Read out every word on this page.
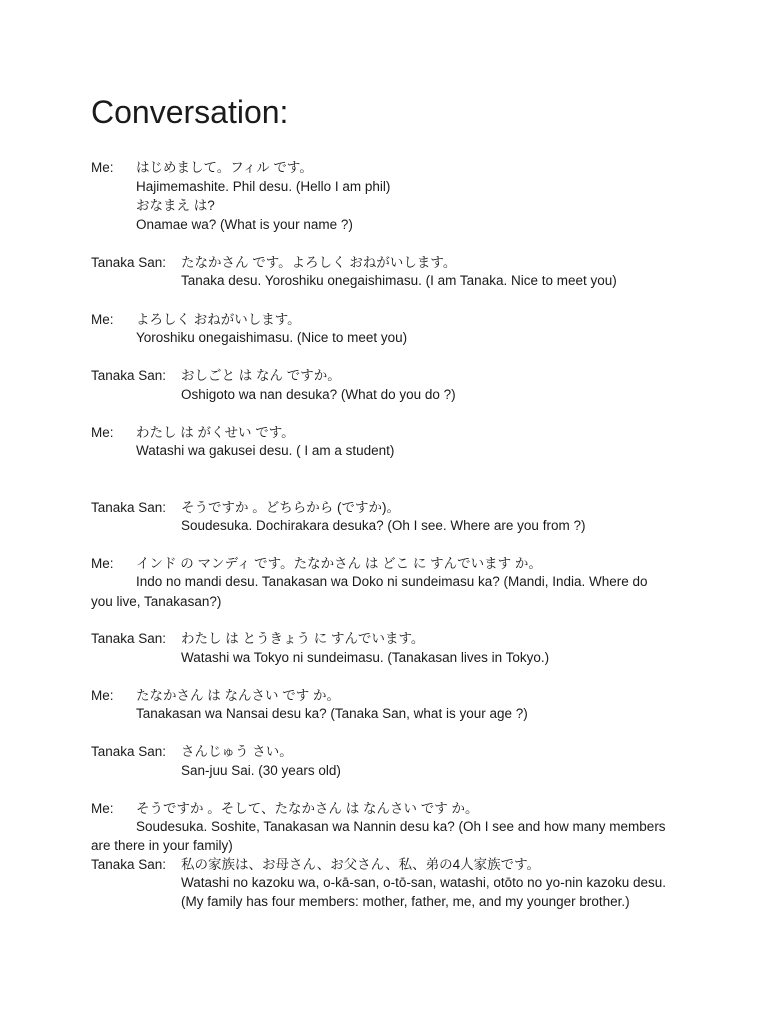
Conversation:
Me: はじめまして。フィル です。
Hajimemashite. Phil desu. (Hello I am phil)
おなまえ は?
Onamae wa? (What is your name ?)
Tanaka San: たなかさん です。よろしく おねがいします。
Tanaka desu. Yoroshiku onegaishimasu. (I am Tanaka. Nice to meet you)
Me: よろしく おねがいします。
Yoroshiku onegaishimasu. (Nice to meet you)
Tanaka San: おしごと は なん ですか。
Oshigoto wa nan desuka? (What do you do ?)
Me: わたし は がくせい です。
Watashi wa gakusei desu. ( I am a student)
Tanaka San: そうですか 。どちらから (ですか)。
Soudesuka. Dochirakara desuka? (Oh I see. Where are you from ?)
Me: インド の マンディ です。たなかさん は どこ に すんでいます か。
Indo no mandi desu. Tanakasan wa Doko ni sundeimasu ka? (Mandi, India. Where do
you live, Tanakasan?)
Tanaka San: わたし は とうきょう に すんでいます。
Watashi wa Tokyo ni sundeimasu. (Tanakasan lives in Tokyo.)
Me: たなかさん は なんさい です か。
Tanakasan wa Nansai desu ka? (Tanaka San, what is your age ?)
Tanaka San: さんじゅう さい。
San-juu Sai. (30 years old)
Me: そうですか 。そして、たなかさん は なんさい です か。
Soudesuka. Soshite, Tanakasan wa Nannin desu ka? (Oh I see and how many members
are there in your family)
Tanaka San: 私の家族は、お母さん、お父さん、私、弟の4人家族です。
Watashi no kazoku wa, o-kā-san, o-tō-san, watashi, otōto no yo-nin kazoku desu.
(My family has four members: mother, father, me, and my younger brother.)
